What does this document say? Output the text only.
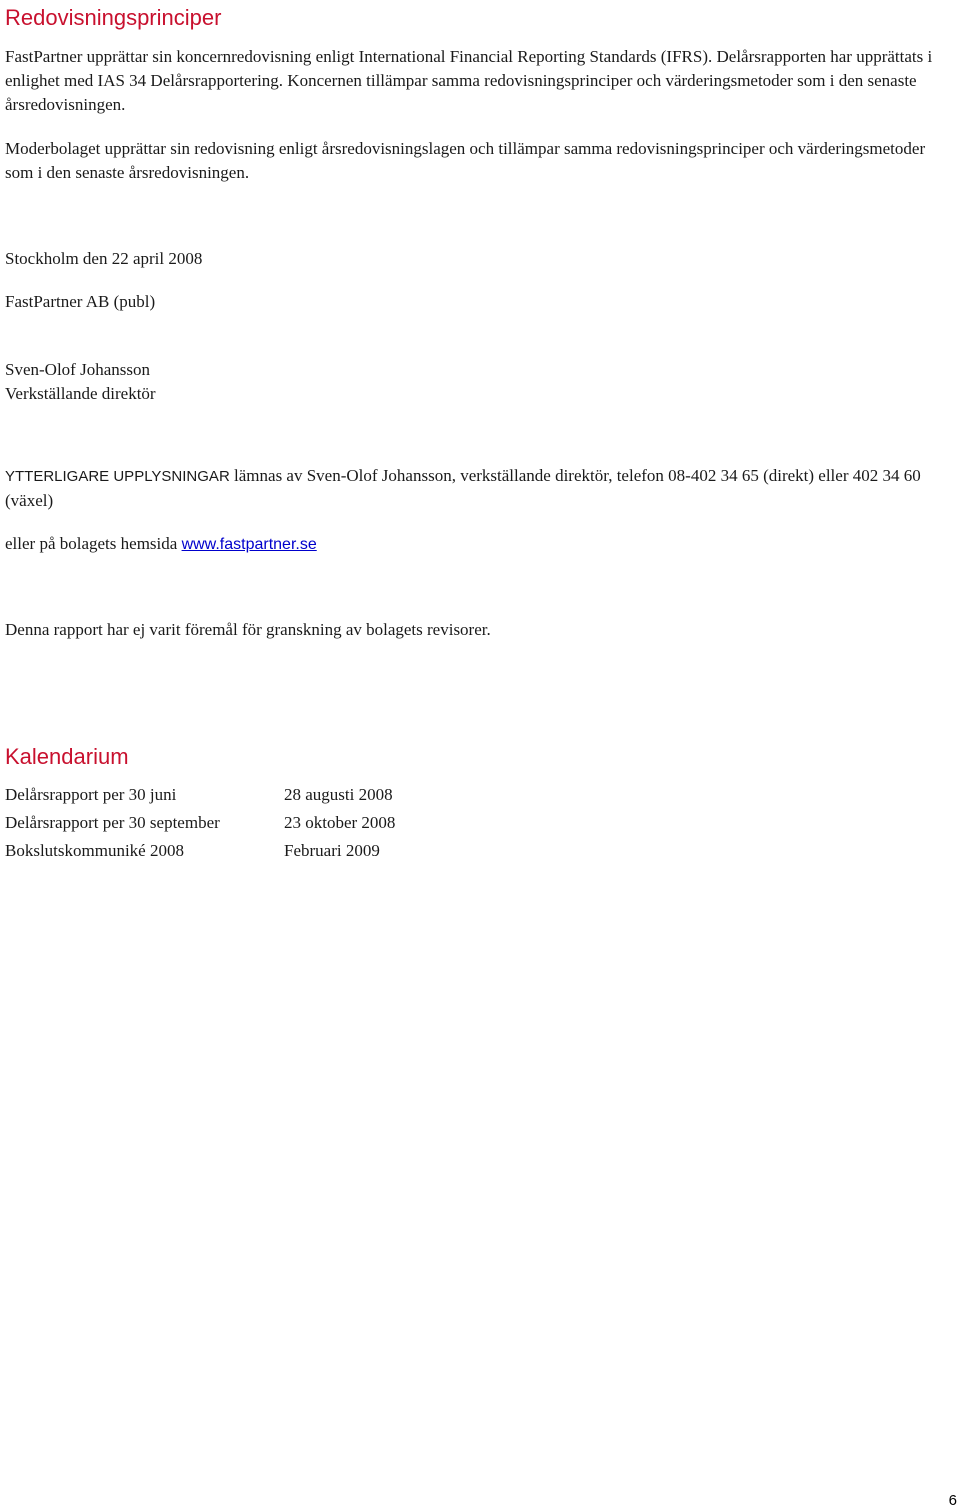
Redovisningsprinciper

FastPartner upprättar sin koncernredovisning enligt International Financial Reporting Standards (IFRS). Delårsrapporten har upprättats i enlighet med IAS 34 Delårsrapportering. Koncernen tillämpar samma redovisningsprinciper och värderingsmetoder som i den senaste årsredovisningen.

Moderbolaget upprättar sin redovisning enligt årsredovisningslagen och tillämpar samma redovisningsprinciper och värderingsmetoder som i den senaste årsredovisningen.

Stockholm den 22 april 2008

FastPartner AB (publ)

Sven-Olof Johansson

Verkställande direktör

YTTERLIGARE UPPLYSNINGAR lämnas av Sven-Olof Johansson, verkställande direktör, telefon 08-402 34 65 (direkt) eller 402 34 60 (växel)

eller på bolagets hemsida www.fastpartner.se

Denna rapport har ej varit föremål för granskning av bolagets revisorer.

Kalendarium
Delårsrapport per 30 juni	28 augusti 2008
Delårsrapport per 30 september	23 oktober 2008
Bokslutskommuniké 2008	Februari 2009
6
